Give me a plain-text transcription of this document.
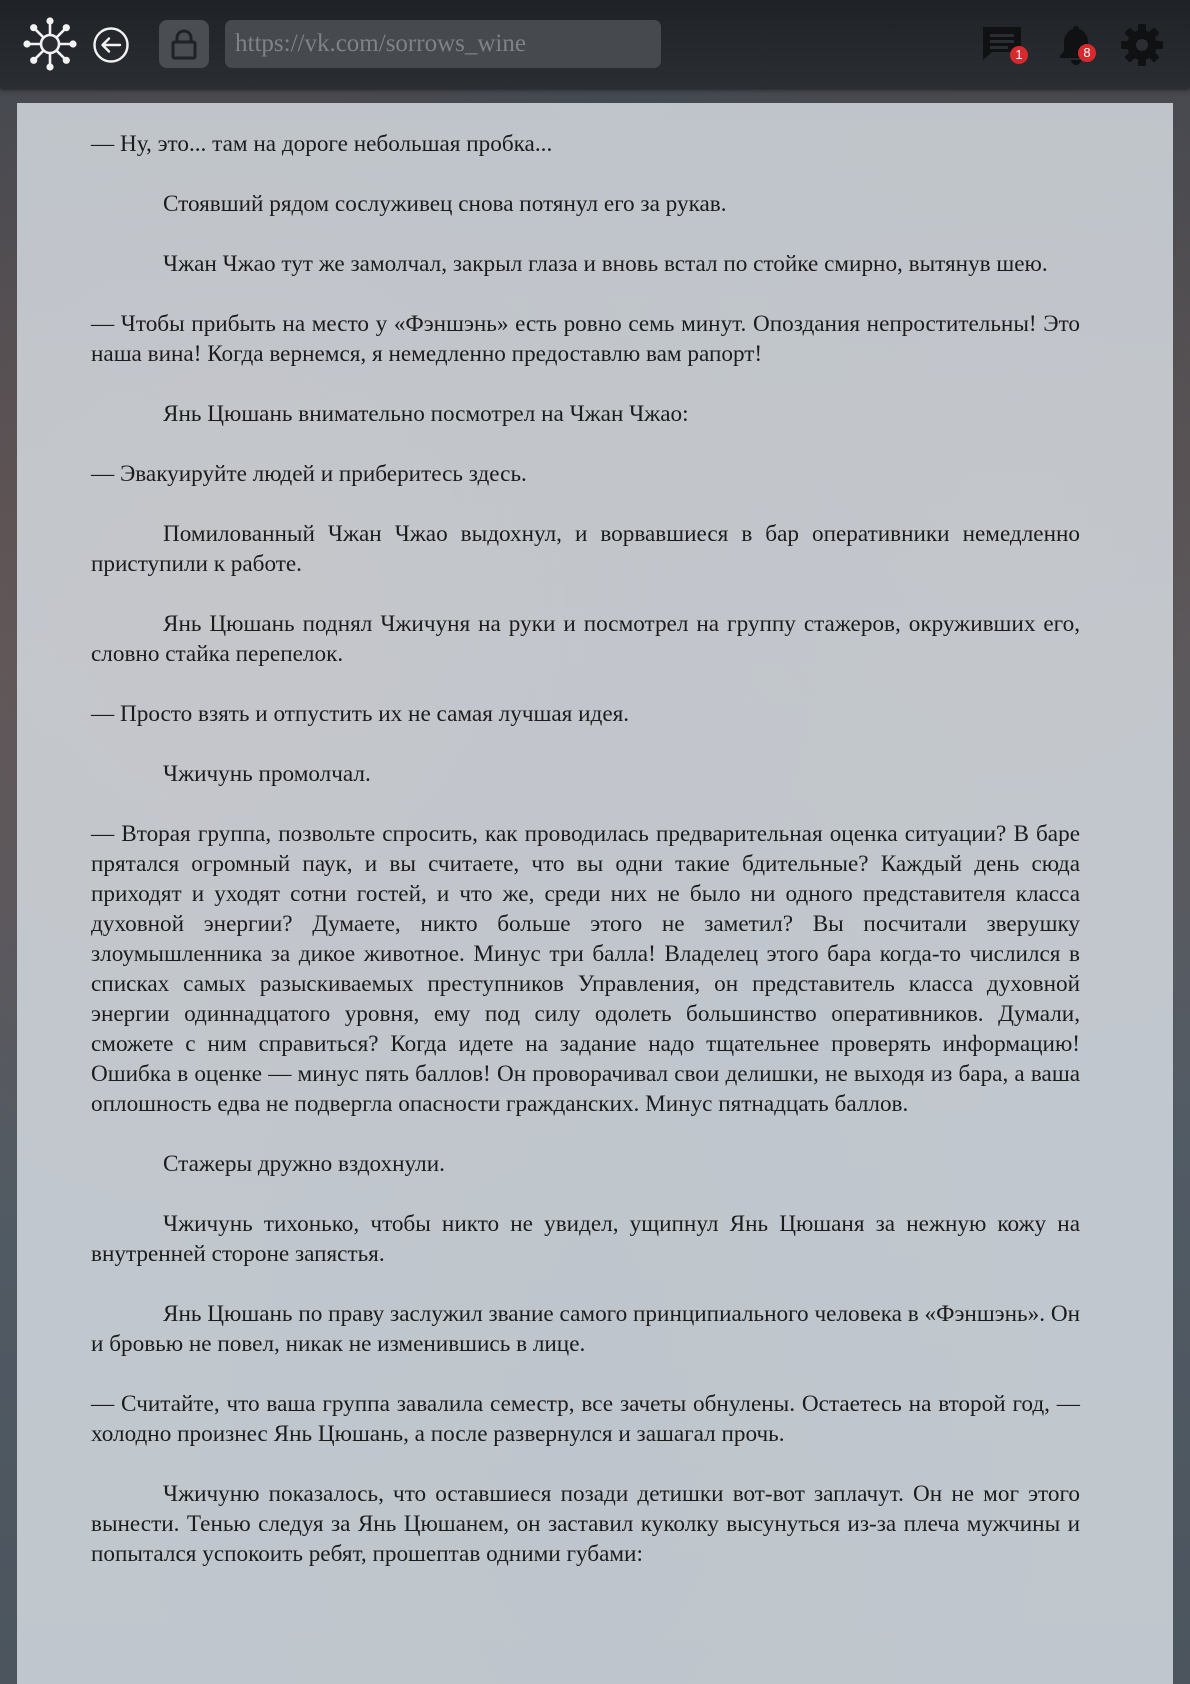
https://vk.com/sorrows_wine
1	8

— Ну, это... там на дороге небольшая пробка...

Стоявший рядом сослуживец снова потянул его за рукав.

Чжан Чжао тут же замолчал, закрыл глаза и вновь встал по стойке смирно, вытянув шею.

— Чтобы прибыть на место у «Фэншэнь» есть ровно семь минут. Опоздания непростительны! Это наша вина! Когда вернемся, я немедленно предоставлю вам рапорт!

Янь Цюшань внимательно посмотрел на Чжан Чжао:

— Эвакуируйте людей и приберитесь здесь.

Помилованный Чжан Чжао выдохнул, и ворвавшиеся в бар оперативники немедленно приступили к работе.

Янь Цюшань поднял Чжичуня на руки и посмотрел на группу стажеров, окруживших его, словно стайка перепелок.

— Просто взять и отпустить их не самая лучшая идея.

Чжичунь промолчал.

— Вторая группа, позвольте спросить, как проводилась предварительная оценка ситуации? В баре прятался огромный паук, и вы считаете, что вы одни такие бдительные? Каждый день сюда приходят и уходят сотни гостей, и что же, среди них не было ни одного представителя класса духовной энергии? Думаете, никто больше этого не заметил? Вы посчитали зверушку злоумышленника за дикое животное. Минус три балла! Владелец этого бара когда-то числился в списках самых разыскиваемых преступников Управления, он представитель класса духовной энергии одиннадцатого уровня, ему под силу одолеть большинство оперативников. Думали, сможете с ним справиться? Когда идете на задание надо тщательнее проверять информацию! Ошибка в оценке — минус пять баллов! Он проворачивал свои делишки, не выходя из бара, а ваша оплошность едва не подвергла опасности гражданских. Минус пятнадцать баллов.

Стажеры дружно вздохнули.

Чжичунь тихонько, чтобы никто не увидел, ущипнул Янь Цюшаня за нежную кожу на внутренней стороне запястья.

Янь Цюшань по праву заслужил звание самого принципиального человека в «Фэншэнь». Он и бровью не повел, никак не изменившись в лице.

— Считайте, что ваша группа завалила семестр, все зачеты обнулены. Остаетесь на второй год, — холодно произнес Янь Цюшань, а после развернулся и зашагал прочь.

Чжичуню показалось, что оставшиеся позади детишки вот-вот заплачут. Он не мог этого вынести. Тенью следуя за Янь Цюшанем, он заставил куколку высунуться из-за плеча мужчины и попытался успокоить ребят, прошептав одними губами:
